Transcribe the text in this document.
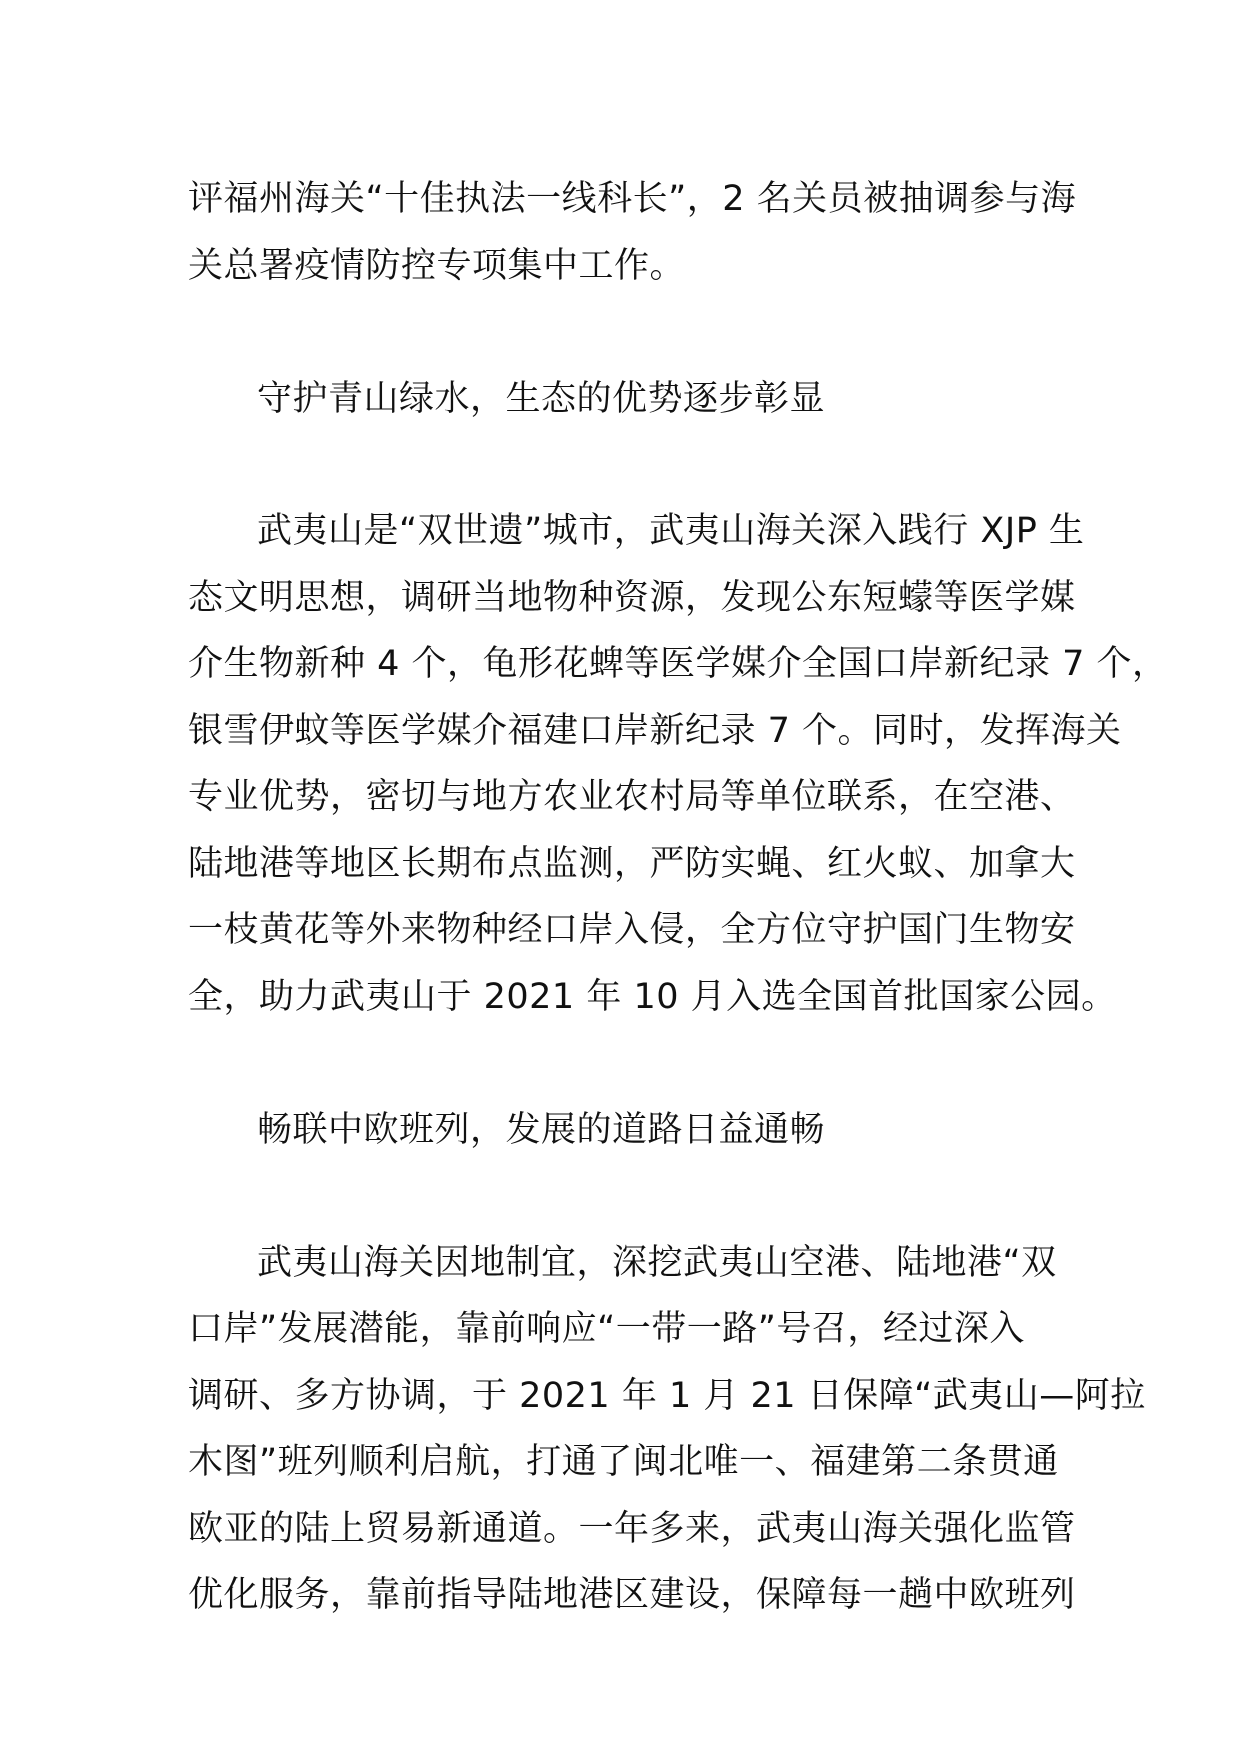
评福州海关“十佳执法一线科长”，2 名关员被抽调参与海
关总署疫情防控专项集中工作。
守护青山绿水，生态的优势逐步彰显
武夷山是“双世遗”城市，武夷山海关深入践行 XJP 生
态文明思想，调研当地物种资源，发现公东短蠓等医学媒
介生物新种 4 个，龟形花蜱等医学媒介全国口岸新纪录 7 个，
银雪伊蚊等医学媒介福建口岸新纪录 7 个。同时，发挥海关
专业优势，密切与地方农业农村局等单位联系，在空港、
陆地港等地区长期布点监测，严防实蝇、红火蚁、加拿大
一枝黄花等外来物种经口岸入侵，全方位守护国门生物安
全，助力武夷山于 2021 年 10 月入选全国首批国家公园。
畅联中欧班列，发展的道路日益通畅
武夷山海关因地制宜，深挖武夷山空港、陆地港“双
口岸”发展潜能，靠前响应“一带一路”号召，经过深入
调研、多方协调，于 2021 年 1 月 21 日保障“武夷山—阿拉
木图”班列顺利启航，打通了闽北唯一、福建第二条贯通
欧亚的陆上贸易新通道。一年多来，武夷山海关强化监管
优化服务，靠前指导陆地港区建设，保障每一趟中欧班列
